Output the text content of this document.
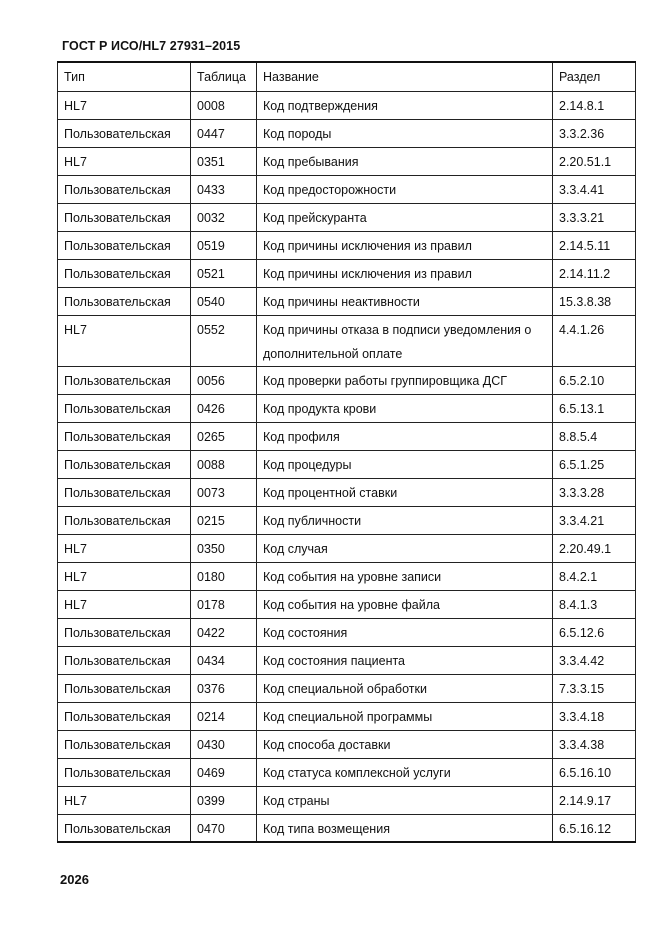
ГОСТ Р ИСО/HL7 27931–2015
Тип	Таблица	Название	Раздел
HL7	0008	Код подтверждения	2.14.8.1
Пользовательская	0447	Код породы	3.3.2.36
HL7	0351	Код пребывания	2.20.51.1
Пользовательская	0433	Код предосторожности	3.3.4.41
Пользовательская	0032	Код прейскуранта	3.3.3.21
Пользовательская	0519	Код причины исключения из правил	2.14.5.11
Пользовательская	0521	Код причины исключения из правил	2.14.11.2
Пользовательская	0540	Код причины неактивности	15.3.8.38
HL7	0552	Код причины отказа в подписи уведомления о дополнительной оплате	4.4.1.26
Пользовательская	0056	Код проверки работы группировщика ДСГ	6.5.2.10
Пользовательская	0426	Код продукта крови	6.5.13.1
Пользовательская	0265	Код профиля	8.8.5.4
Пользовательская	0088	Код процедуры	6.5.1.25
Пользовательская	0073	Код процентной ставки	3.3.3.28
Пользовательская	0215	Код публичности	3.3.4.21
HL7	0350	Код случая	2.20.49.1
HL7	0180	Код события на уровне записи	8.4.2.1
HL7	0178	Код события на уровне файла	8.4.1.3
Пользовательская	0422	Код состояния	6.5.12.6
Пользовательская	0434	Код состояния пациента	3.3.4.42
Пользовательская	0376	Код специальной обработки	7.3.3.15
Пользовательская	0214	Код специальной программы	3.3.4.18
Пользовательская	0430	Код способа доставки	3.3.4.38
Пользовательская	0469	Код статуса комплексной услуги	6.5.16.10
HL7	0399	Код страны	2.14.9.17
Пользовательская	0470	Код типа возмещения	6.5.16.12
2026
